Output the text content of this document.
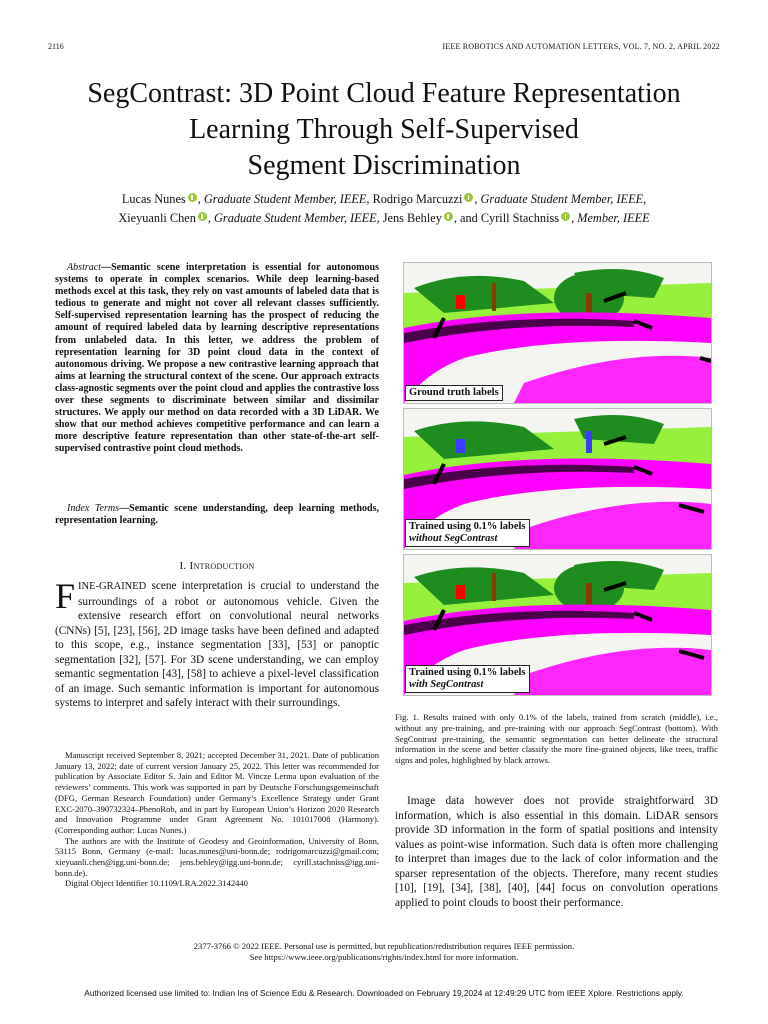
2116	IEEE ROBOTICS AND AUTOMATION LETTERS, VOL. 7, NO. 2, APRIL 2022
SegContrast: 3D Point Cloud Feature Representation
Learning Through Self-Supervised
Segment Discrimination
Lucas Nunes , Graduate Student Member, IEEE, Rodrigo Marcuzzi , Graduate Student Member, IEEE,
Xieyuanli Chen , Graduate Student Member, IEEE, Jens Behley , and Cyrill Stachniss , Member, IEEE
Abstract—Semantic scene interpretation is essential for autonomous systems to operate in complex scenarios. While deep learning-based methods excel at this task, they rely on vast amounts of labeled data that is tedious to generate and might not cover all relevant classes sufficiently. Self-supervised representation learning has the prospect of reducing the amount of required labeled data by learning descriptive representations from unlabeled data. In this letter, we address the problem of representation learning for 3D point cloud data in the context of autonomous driving. We propose a new contrastive learning approach that aims at learning the structural context of the scene. Our approach extracts class-agnostic segments over the point cloud and applies the contrastive loss over these segments to discriminate between similar and dissimilar structures. We apply our method on data recorded with a 3D LiDAR. We show that our method achieves competitive performance and can learn a more descriptive feature representation than other state-of-the-art self-supervised contrastive point cloud methods.
Index Terms—Semantic scene understanding, deep learning methods, representation learning.
I. Introduction
FINE-GRAINED scene interpretation is crucial to understand the surroundings of a robot or autonomous vehicle. Given the extensive research effort on convolutional neural networks (CNNs) [5], [23], [56], 2D image tasks have been defined and adapted to this scope, e.g., instance segmentation [33], [53] or panoptic segmentation [32], [57]. For 3D scene understanding, we can employ semantic segmentation [43], [58] to achieve a pixel-level classification of an image. Such semantic information is important for autonomous systems to interpret and safely interact with their surroundings.

Manuscript received September 8, 2021; accepted December 31, 2021. Date of publication January 13, 2022; date of current version January 25, 2022. This letter was recommended for publication by Associate Editor S. Jain and Editor M. Vincze Lerma upon evaluation of the reviewers’ comments. This work was supported in part by Deutsche Forschungsgemeinschaft (DFG, German Research Foundation) under Germany’s Excellence Strategy under Grant EXC-2070–390732324–PhenoRob, and in part by European Union’s Horizon 2020 Research and Innovation Programme under Grant Agreement No. 101017008 (Harmony). (Corresponding author: Lucas Nunes.)

The authors are with the Institute of Geodesy and Geoinformation, University of Bonn, 53115 Bonn, Germany (e-mail: lucas.nunes@uni-bonn.de; rodrigomarcuzzi@gmail.com; xieyuanli.chen@igg.uni-bonn.de; jens.behley@igg.uni-bonn.de; cyrill.stachniss@igg.uni-bonn.de).

Digital Object Identifier 10.1109/LRA.2022.3142440

Ground truth labels
Trained using 0.1% labels
without SegContrast
Trained using 0.1% labels
with SegContrast
Fig. 1. Results trained with only 0.1% of the labels, trained from scratch (middle), i.e., without any pre-training, and pre-training with our approach SegContrast (bottom). With SegContrast pre-training, the semantic segmentation can better delineate the structural information in the scene and better classify the more fine-grained objects, like trees, traffic signs and poles, highlighted by black arrows.
Image data however does not provide straightforward 3D information, which is also essential in this domain. LiDAR sensors provide 3D information in the form of spatial positions and intensity values as point-wise information. Such data is often more challenging to interpret than images due to the lack of color information and the sparser representation of the objects. Therefore, many recent studies [10], [19], [34], [38], [40], [44] focus on convolution operations applied to point clouds to boost their performance.
2377-3766 © 2022 IEEE. Personal use is permitted, but republication/redistribution requires IEEE permission.
See https://www.ieee.org/publications/rights/index.html for more information.
Authorized licensed use limited to: Indian Ins of Science Edu & Research. Downloaded on February 19,2024 at 12:49:29 UTC from IEEE Xplore. Restrictions apply.
